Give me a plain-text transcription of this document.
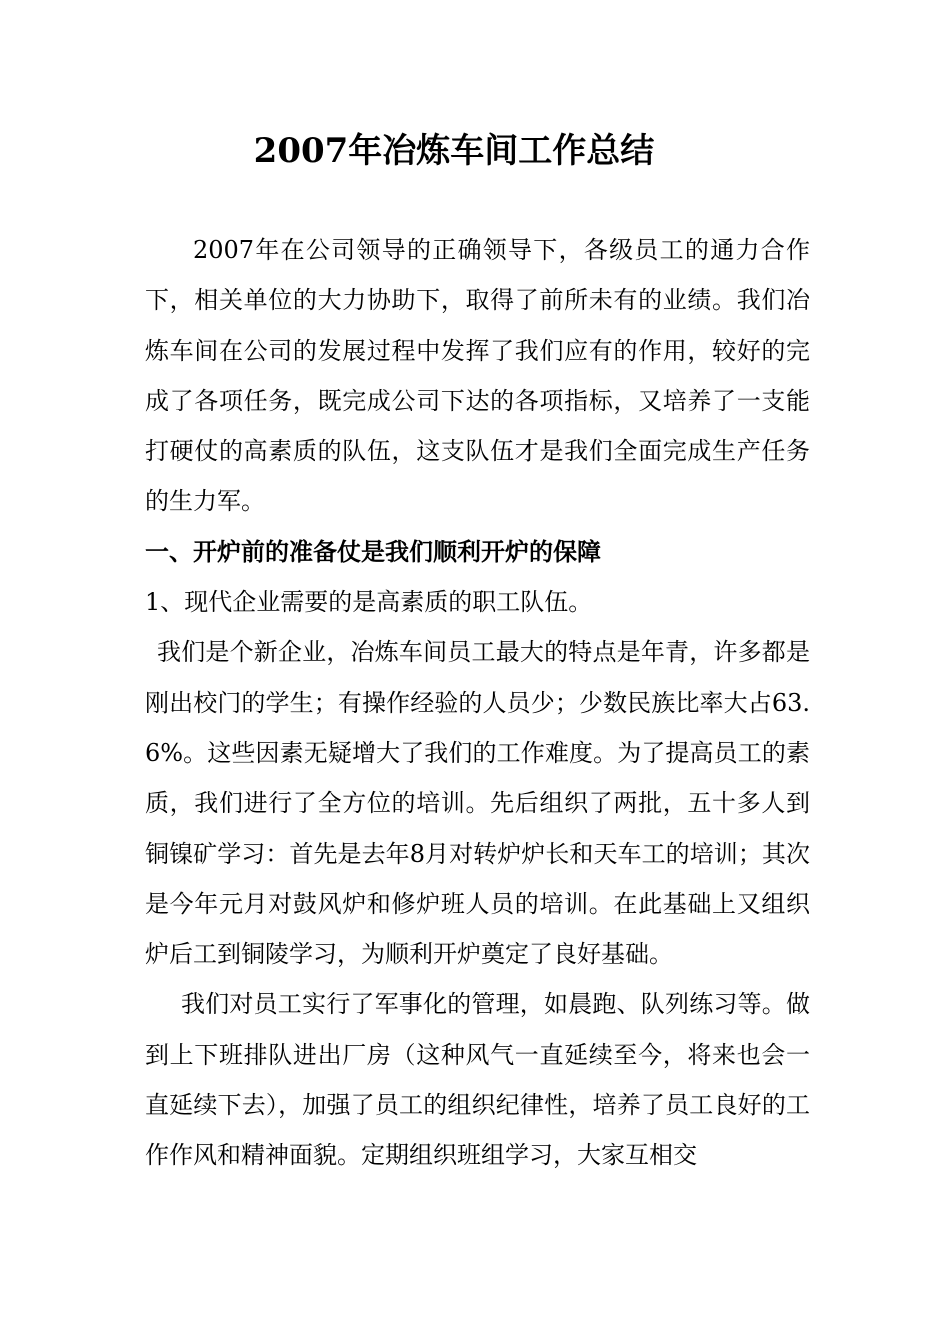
2007年冶炼车间工作总结

2007年在公司领导的正确领导下，各级员工的通力合作下，相关单位的大力协助下，取得了前所未有的业绩。我们冶炼车间在公司的发展过程中发挥了我们应有的作用，较好的完成了各项任务，既完成公司下达的各项指标，又培养了一支能打硬仗的高素质的队伍，这支队伍才是我们全面完成生产任务的生力军。

一、开炉前的准备仗是我们顺利开炉的保障

1、现代企业需要的是高素质的职工队伍。

我们是个新企业，冶炼车间员工最大的特点是年青，许多都是刚出校门的学生；有操作经验的人员少；少数民族比率大占63.6%。这些因素无疑增大了我们的工作难度。为了提高员工的素质，我们进行了全方位的培训。先后组织了两批，五十多人到铜镍矿学习：首先是去年8月对转炉炉长和天车工的培训；其次是今年元月对鼓风炉和修炉班人员的培训。在此基础上又组织炉后工到铜陵学习，为顺利开炉奠定了良好基础。

我们对员工实行了军事化的管理，如晨跑、队列练习等。做到上下班排队进出厂房（这种风气一直延续至今，将来也会一直延续下去），加强了员工的组织纪律性，培养了员工良好的工作作风和精神面貌。定期组织班组学习，大家互相交
